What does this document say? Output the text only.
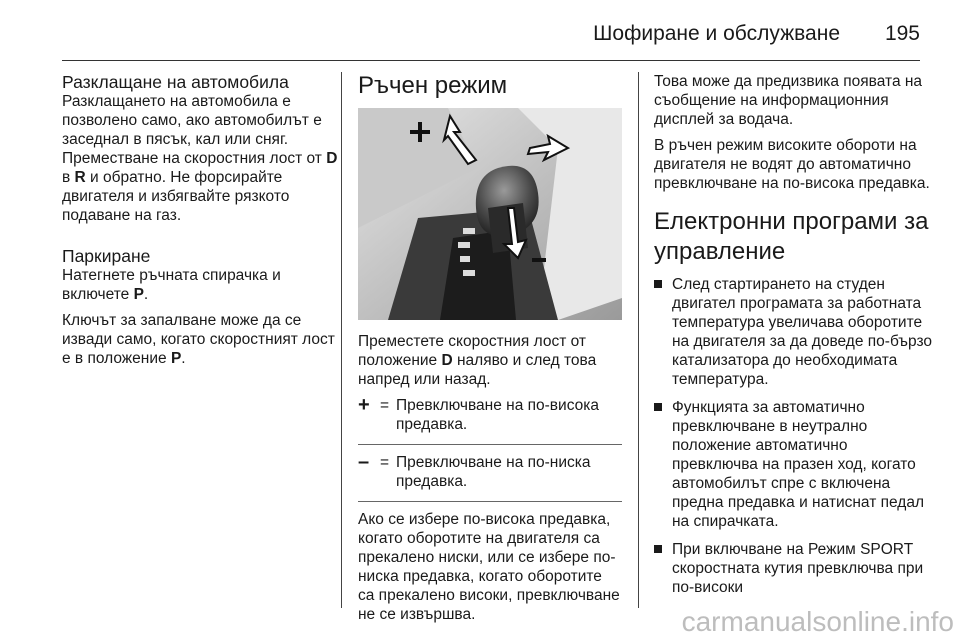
Шофиране и обслужване 195
Разклащане на автомобила

Разклащането на автомобила е позволено само, ако автомобилът е заседнал в пясък, кал или сняг. Преместване на скоростния лост от D в R и обратно. Не форсирайте двигателя и избягвайте рязкото подаване на газ.

Паркиране

Натегнете ръчната спирачка и включете P.

Ключът за запалване може да се извади само, когато скоростният лост е в положение P.

Ръчен режим

Преместете скоростния лост от положение D наляво и след това напред или назад.

+ = Превключване на по-висока предавка.
– = Превключване на по-ниска предавка.

Ако се избере по-висока предавка, когато оборотите на двигателя са прекалено ниски, или се избере по-ниска предавка, когато оборотите са прекалено високи, превключване не се извършва.

Това може да предизвика появата на съобщение на информационния дисплей за водача.

В ръчен режим високите обороти на двигателя не водят до автоматично превключване на по-висока предавка.

Електронни програми за управление
След стартирането на студен двигател програмата за работната температура увеличава оборотите на двигателя за да доведе по-бързо катализатора до необходимата температура.
Функцията за автоматично превключване в неутрално положение автоматично превключва на празен ход, когато автомобилът спре с включена предна предавка и натиснат педал на спирачката.
При включване на Режим SPORT скоростната кутия превключва при по-високи
carmanualsonline.info
